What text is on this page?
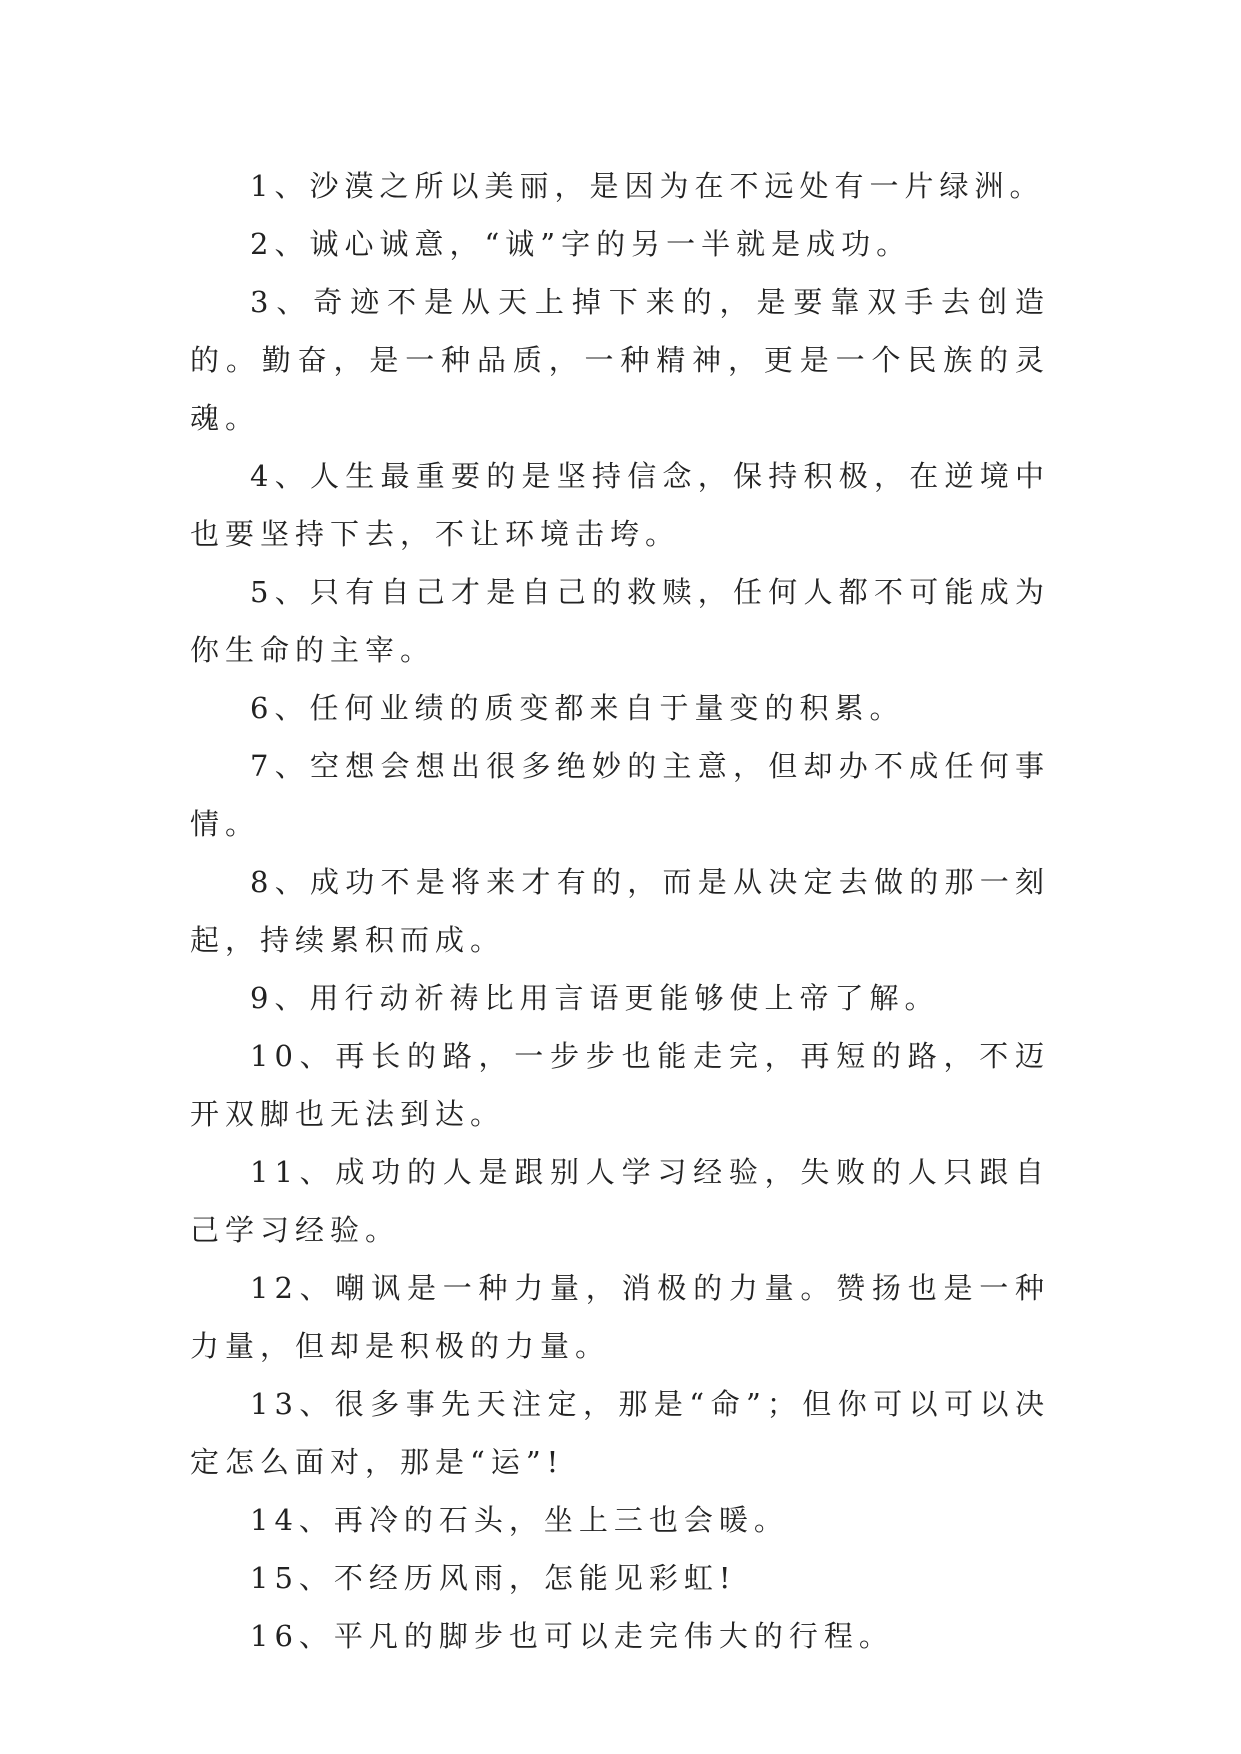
1、沙漠之所以美丽，是因为在不远处有一片绿洲。

2、诚心诚意，“诚”字的另一半就是成功。

3、奇迹不是从天上掉下来的，是要靠双手去创造的。勤奋，是一种品质，一种精神，更是一个民族的灵魂。

4、人生最重要的是坚持信念，保持积极，在逆境中也要坚持下去，不让环境击垮。

5、只有自己才是自己的救赎，任何人都不可能成为你生命的主宰。

6、任何业绩的质变都来自于量变的积累。

7、空想会想出很多绝妙的主意，但却办不成任何事情。

8、成功不是将来才有的，而是从决定去做的那一刻起，持续累积而成。

9、用行动祈祷比用言语更能够使上帝了解。

10、再长的路，一步步也能走完，再短的路，不迈开双脚也无法到达。

11、成功的人是跟别人学习经验，失败的人只跟自己学习经验。

12、嘲讽是一种力量，消极的力量。赞扬也是一种力量，但却是积极的力量。

13、很多事先天注定，那是“命”；但你可以可以决定怎么面对，那是“运”!

14、再冷的石头，坐上三也会暖。

15、不经历风雨，怎能见彩虹!

16、平凡的脚步也可以走完伟大的行程。
